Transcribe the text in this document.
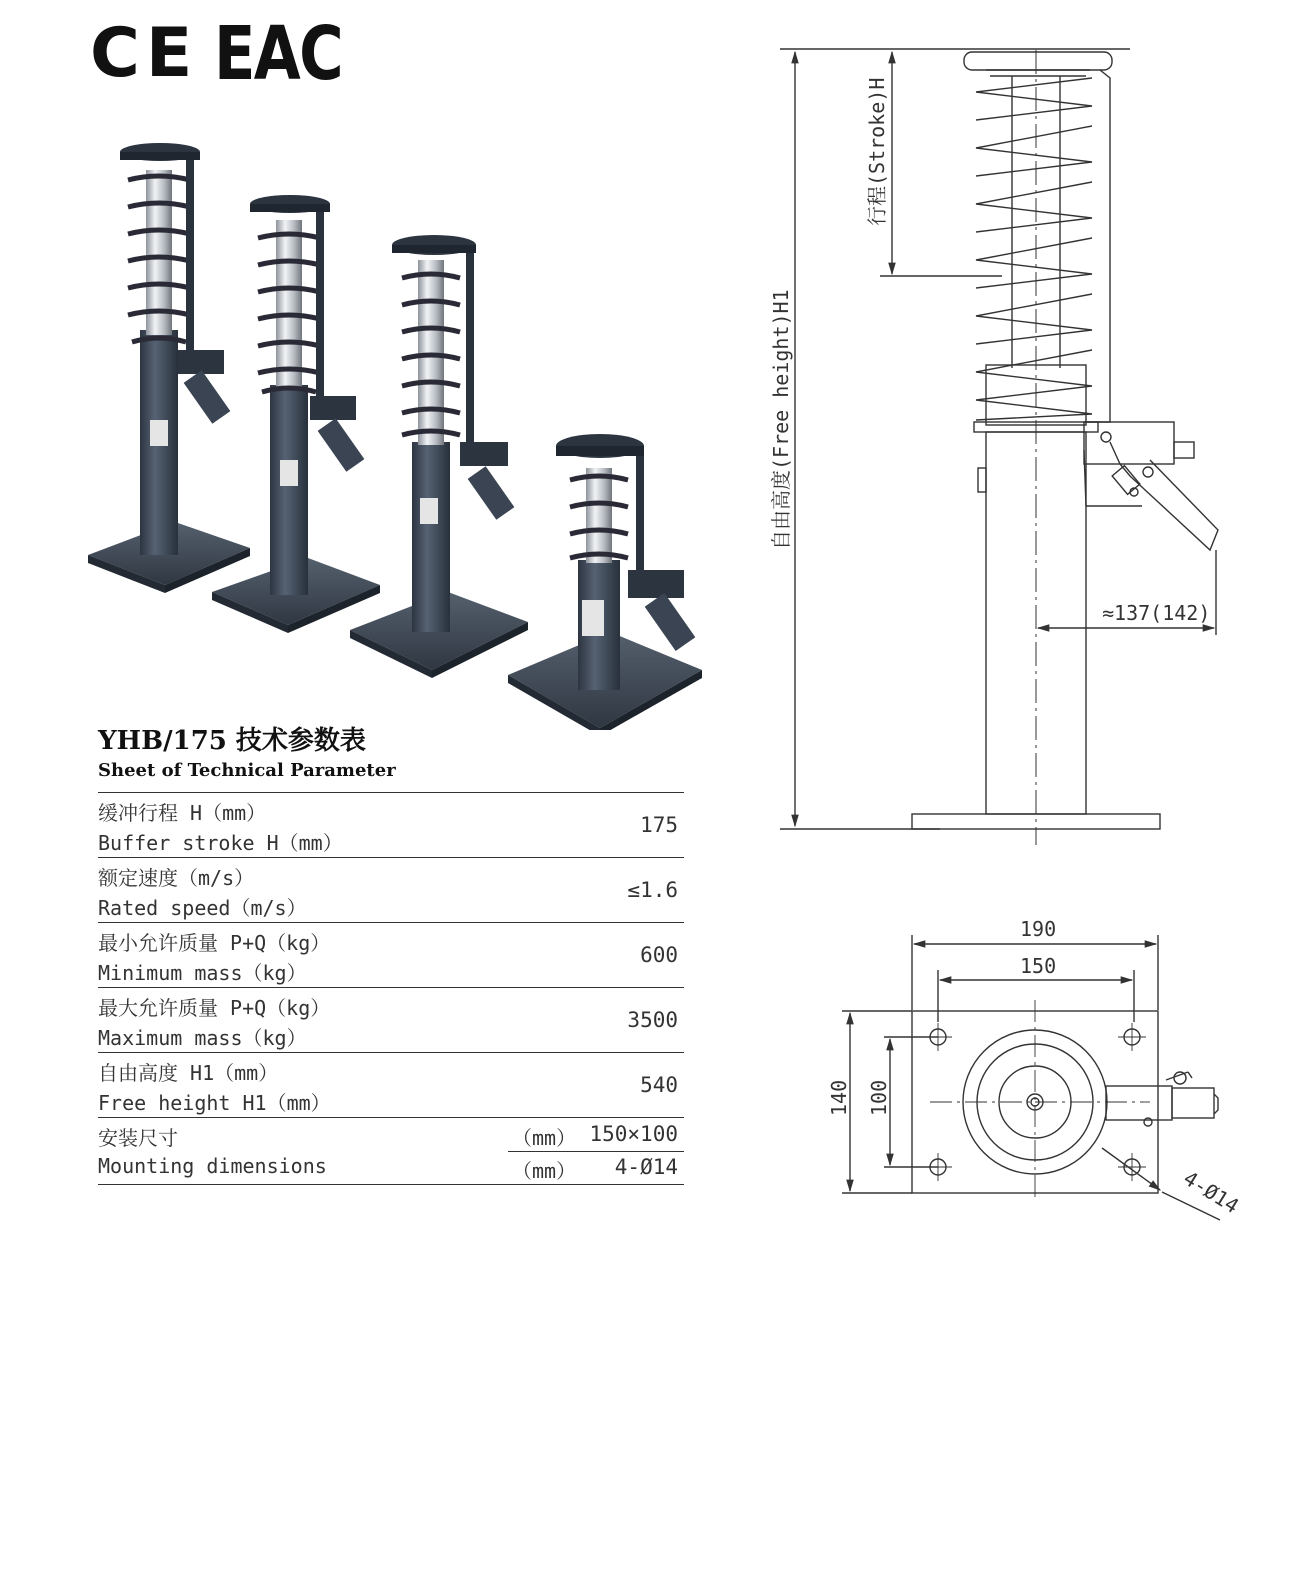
CE EAC
YHB/175 技术参数表
Sheet of Technical Parameter
缓冲行程 H（mm）
Buffer stroke H（mm）
175
额定速度（m/s）
Rated speed（m/s）
≤1.6
最小允许质量 P+Q（kg）
Minimum mass（kg）
600
最大允许质量 P+Q（kg）
Maximum mass（kg）
3500
自由高度 H1（mm）
Free height H1（mm）
540
安装尺寸
Mounting dimensions
（mm） 150×100
（mm） 4-Ø14
行程(Stroke)H
自由高度(Free height)H1
≈137(142)
190
150
140 100
4-Ø14
